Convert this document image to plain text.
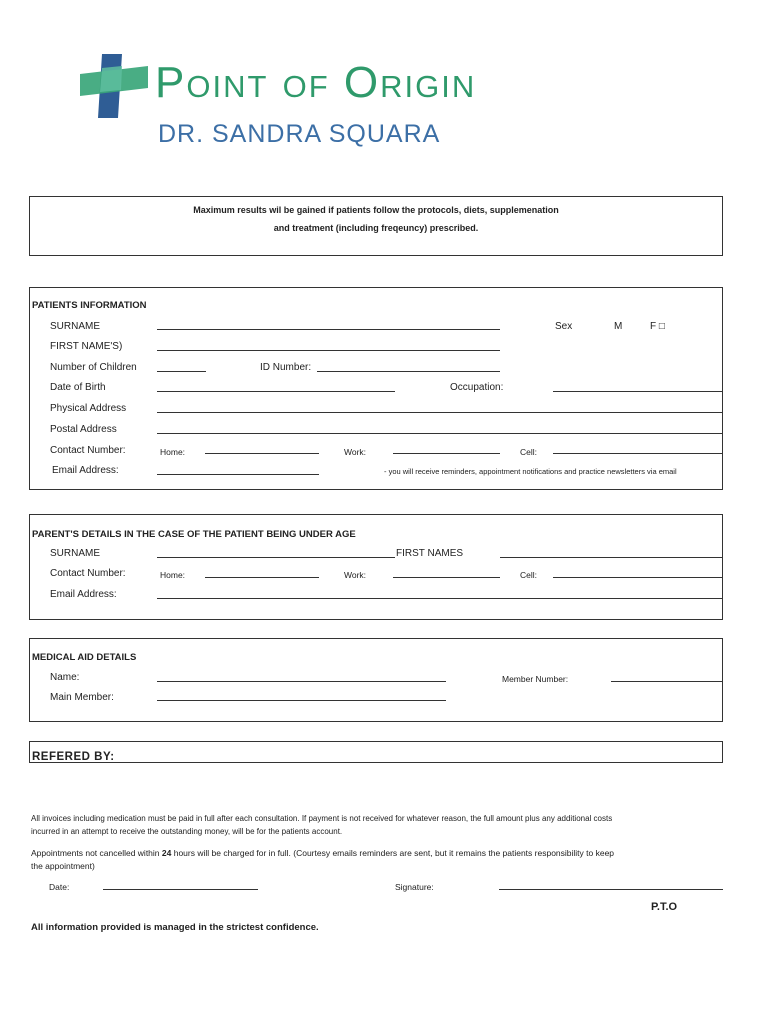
Point of Origin
DR. SANDRA SQUARA
Maximum results wil be gained if patients follow the protocols, diets, supplemenation
and treatment (including freqeuncy) prescribed.
PATIENTS INFORMATION
SURNAME	Sex	M	F □
FIRST NAME'S)
Number of Children	ID Number:
Date of Birth	Occupation:
Physical Address
Postal Address
Contact Number:	Home:	Work:	Cell:
Email Address:	- you will receive reminders, appointment notifications and practice newsletters via email
PARENT'S DETAILS IN THE CASE OF THE PATIENT BEING UNDER AGE
SURNAME	FIRST NAMES
Contact Number:	Home:	Work:	Cell:
Email Address:
MEDICAL AID DETAILS
Name:	Member Number:
Main Member:
REFERED BY:
All invoices including medication must be paid in full after each consultation. If payment is not received for whatever reason, the full amount plus any additional costs
incurred in an attempt to receive the outstanding money, will be for the patients account.
Appointments not cancelled within 24 hours will be charged for in full. (Courtesy emails reminders are sent, but it remains the patients responsibility to keep
the appointment)
Date:	Signature:
P.T.O
All information provided is managed in the strictest confidence.
